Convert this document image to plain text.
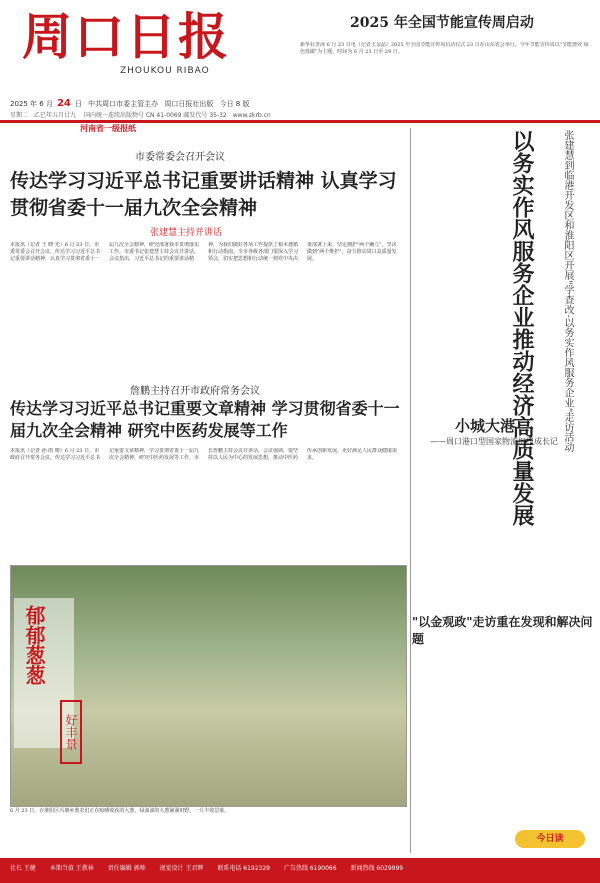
周口日报
ZHOUKOU RIBAO
2025 年全国节能宣传周启动
新华社青海 6 月 23 日电（记者王金晶）2025 年全国节能宣传周启动仪式 23 日在山东省会举行。今年节能宣传周以"节能增效 绿色低碳"为主题，时间为 6 月 23 日至 29 日。
2025 年 6 月 24 日 中共周口市委主管主办 周口日报社出版 今日 8 版
星期二　乙巳年五月廿九　 国内统一连续出版物号 CN 41-0069 邮发代号 35-32　www.zkrb.cn
河南省一级报纸
市委常委会召开会议
传达学习习近平总书记重要讲话精神 认真学习贯彻省委十一届九次全会精神
张建慧主持并讲话
本报讯（记者 王 晓 光）6 月 23 日，市委常委会召开会议，传达学习习近平总书记重要讲话精神，认真学习贯彻省委十一届九次全会精神，研究部署我市贯彻落实工作。市委书记张建慧主持会议并讲话。会议指出，习近平总书记的重要讲话精神，为我们做好各项工作提供了根本遵循和行动指南。全市各级各部门要深入学习领会，切实把思想和行动统一到党中央决策部署上来，坚定拥护"两个确立"，坚决做到"两个维护"，奋力推动周口高质量发展。
詹鹏主持召开市政府常务会议
传达学习习近平总书记重要文章精神 学习贯彻省委十一届九次全会精神 研究中医药发展等工作
本报讯（记者 孙 雨 晴）6 月 23 日，市政府召开常务会议，传达学习习近平总书记重要文章精神，学习贯彻省委十一届九次全会精神，研究中医药发展等工作。市长詹鹏主持会议并讲话。会议强调，要坚持以人民为中心的发展思想，推动中医药传承创新发展，更好满足人民群众健康需求。
郁郁葱葱
好丰景
6 月 23 日，在淮阳区冯塘乡葱农们正在晾晒收获的大葱，绿油油的大葱铺满田野，一片丰收景象。
以务实作风服务企业推动经济高质量发展	张建慧到临港开发区和淮阳区开展"学查改·以务实作风服务企业"走访活动
小城大港
——周口港口型国家物流枢纽成长记
"以金观政"走访重在发现和解决问题
今日读
社长 王健 本期当值 王教林 责任编辑 郭帅 视觉设计 王君辉 联系电话 6192329 广告热线 6190066 新闻热线 6029999
